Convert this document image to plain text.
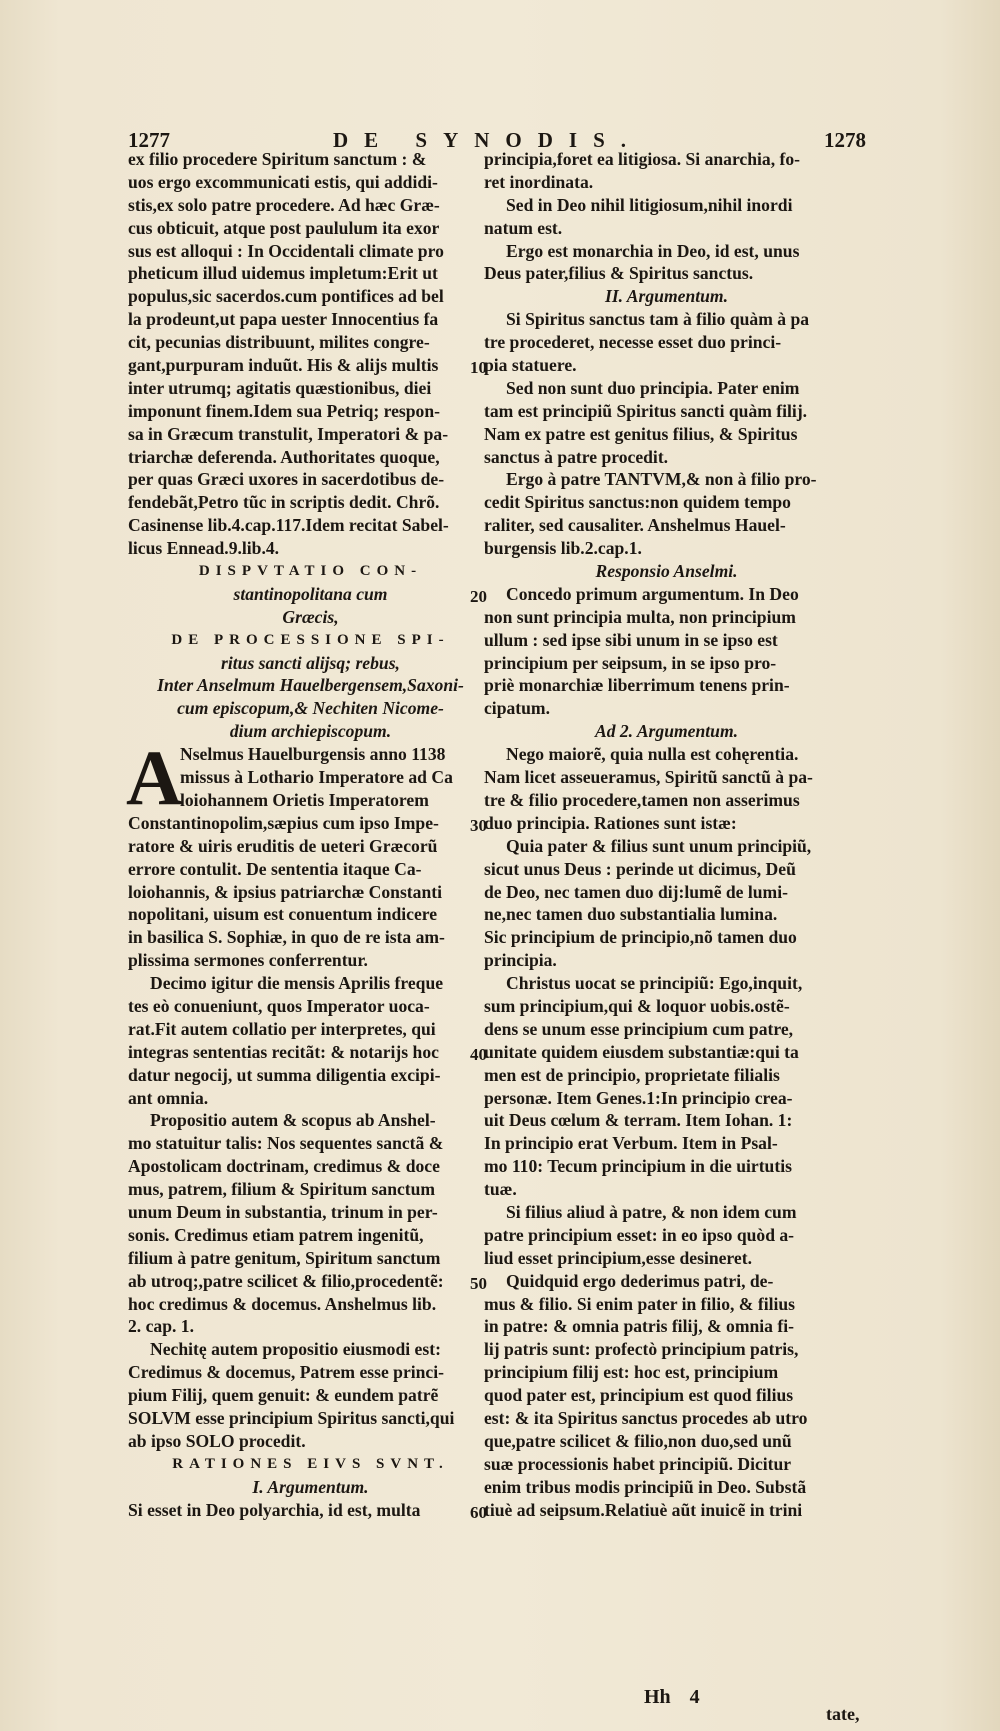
1277	DE SYNODIS.	1278
ex filio procedere Spiritum sanctum : &
uos ergo excommunicati estis, qui addidi-
stis,ex solo patre procedere. Ad hæc Græ-
cus obticuit, atque post paululum ita exor
sus est alloqui : In Occidentali climate pro
pheticum illud uidemus impletum:Erit ut
populus,sic sacerdos.cum pontifices ad bel
la prodeunt,ut papa uester Innocentius fa
cit, pecunias distribuunt, milites congre-
gant,purpuram induũt. His & alijs multis
inter utrumq; agitatis quæstionibus, diei
imponunt finem.Idem sua Petriq; respon-
sa in Græcum transtulit, Imperatori & pa-
triarchæ deferenda. Authoritates quoque,
per quas Græci uxores in sacerdotibus de-
fendebãt,Petro tũc in scriptis dedit. Chrõ.
Casinense lib.4.cap.117.Idem recitat Sabel-
licus Ennead.9.lib.4.
DISPVTATIO CON-
stantinopolitana cum
Græcis,
DE PROCESSIONE SPI-
ritus sancti alijsq; rebus,
Inter Anselmum Hauelbergensem,Saxoni-
cum episcopum,& Nechiten Nicome-
dium archiepiscopum.
A
Nselmus Hauelburgensis anno 1138
missus à Lothario Imperatore ad Ca
loiohannem Orietis Imperatorem
Constantinopolim,sæpius cum ipso Impe-
ratore & uiris eruditis de ueteri Græcorũ
errore contulit. De sententia itaque Ca-
loiohannis, & ipsius patriarchæ Constanti
nopolitani, uisum est conuentum indicere
in basilica S. Sophiæ, in quo de re ista am-
plissima sermones conferrentur.
Decimo igitur die mensis Aprilis freque
tes eò conueniunt, quos Imperator uoca-
rat.Fit autem collatio per interpretes, qui
integras sententias recitãt: & notarijs hoc
datur negocij, ut summa diligentia excipi-
ant omnia.
Propositio autem & scopus ab Anshel-
mo statuitur talis: Nos sequentes sanctã &
Apostolicam doctrinam, credimus & doce
mus, patrem, filium & Spiritum sanctum
unum Deum in substantia, trinum in per-
sonis. Credimus etiam patrem ingenitũ,
filium à patre genitum, Spiritum sanctum
ab utroq;,patre scilicet & filio,procedentẽ:
hoc credimus & docemus. Anshelmus lib.
2. cap. 1.
Nechitę autem propositio eiusmodi est:
Credimus & docemus, Patrem esse princi-
pium Filij, quem genuit: & eundem patrẽ
SOLVM esse principium Spiritus sancti,qui
ab ipso SOLO procedit.
RATIONES EIVS SVNT.
I. Argumentum.
Si esset in Deo polyarchia, id est, multa
10
20
30
40
50
60
principia,foret ea litigiosa. Si anarchia, fo-
ret inordinata.
Sed in Deo nihil litigiosum,nihil inordi
natum est.
Ergo est monarchia in Deo, id est, unus
Deus pater,filius & Spiritus sanctus.
II. Argumentum.
Si Spiritus sanctus tam à filio quàm à pa
tre procederet, necesse esset duo princi-
pia statuere.
Sed non sunt duo principia. Pater enim
tam est principiũ Spiritus sancti quàm filij.
Nam ex patre est genitus filius, & Spiritus
sanctus à patre procedit.
Ergo à patre TANTVM,& non à filio pro-
cedit Spiritus sanctus:non quidem tempo
raliter, sed causaliter. Anshelmus Hauel-
burgensis lib.2.cap.1.
Responsio Anselmi.
Concedo primum argumentum. In Deo
non sunt principia multa, non principium
ullum : sed ipse sibi unum in se ipso est
principium per seipsum, in se ipso pro-
priè monarchiæ liberrimum tenens prin-
cipatum.
Ad 2. Argumentum.
Nego maiorẽ, quia nulla est cohęrentia.
Nam licet asseueramus, Spiritũ sanctũ à pa-
tre & filio procedere,tamen non asserimus
duo principia. Rationes sunt istæ:
Quia pater & filius sunt unum principiũ,
sicut unus Deus : perinde ut dicimus, Deũ
de Deo, nec tamen duo dij:lumẽ de lumi-
ne,nec tamen duo substantialia lumina.
Sic principium de principio,nõ tamen duo
principia.
Christus uocat se principiũ: Ego,inquit,
sum principium,qui & loquor uobis.ostẽ-
dens se unum esse principium cum patre,
unitate quidem eiusdem substantiæ:qui ta
men est de principio, proprietate filialis
personæ. Item Genes.1:In principio crea-
uit Deus cœlum & terram. Item Iohan. 1:
In principio erat Verbum. Item in Psal-
mo 110: Tecum principium in die uirtutis
tuæ.
Si filius aliud à patre, & non idem cum
patre principium esset: in eo ipso quòd a-
liud esset principium,esse desineret.
Quidquid ergo dederimus patri, de-
mus & filio. Si enim pater in filio, & filius
in patre: & omnia patris filij, & omnia fi-
lij patris sunt: profectò principium patris,
principium filij est: hoc est, principium
quod pater est, principium est quod filius
est: & ita Spiritus sanctus procedes ab utro
que,patre scilicet & filio,non duo,sed unũ
suæ processionis habet principiũ. Dicitur
enim tribus modis principiũ in Deo. Substã
tiuè ad seipsum.Relatiuè aũt inuicẽ in trini
Hh 4
tate,
